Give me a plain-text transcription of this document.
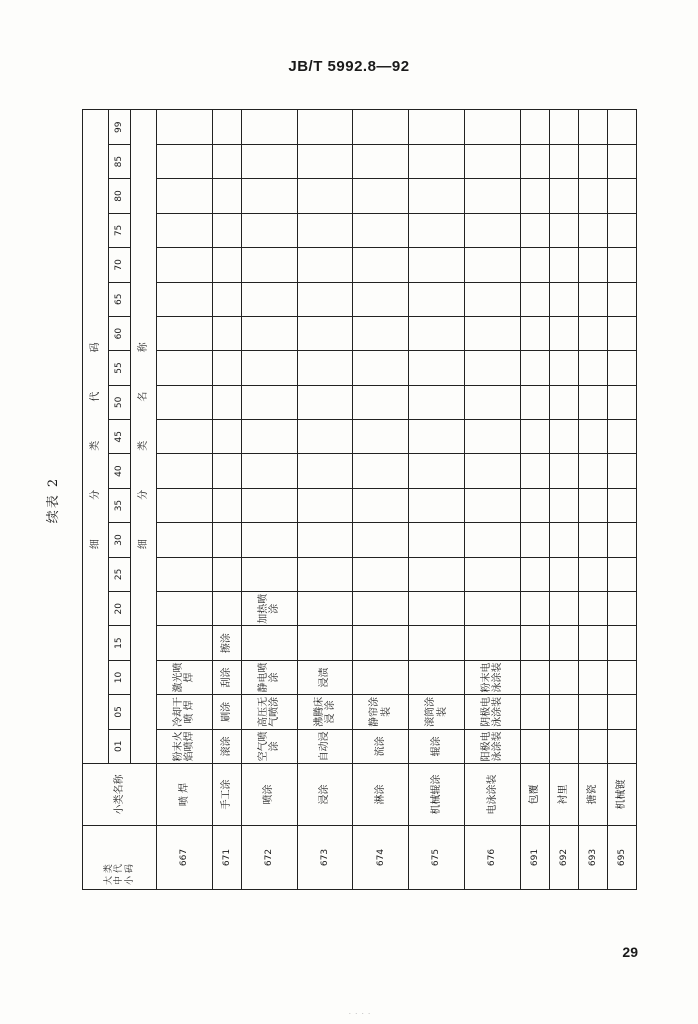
JB/T 5992.8—92
续表 2
大 类 中 代 小 码	小类名称	细 分 类 代 码																		
		01	05	10	15	20	25	30	35	40	45	50	55	60	65	70	75	80	85	99
		细 分 类 名 称																		
667	喷 焊	粉末火焰喷焊	冷却干喷 焊	激光喷焊																
671	手工涂	滚涂	刷涂	刮涂	擦涂															
672	喷涂	空气喷涂	高压无气喷涂	静电喷涂		加热喷涂														
673	浸涂	自动浸	沸腾床浸 涂	浸渍																
674	淋涂	流涂	静帘涂装																	
675	机械辊涂	辊涂	滚筒涂装																	
676	电泳涂装	阳极电泳涂装	阴极电泳涂装	粉末电泳涂装																
691	包覆																			
692	衬里																			
693	搪瓷																			
695	机械镀																			
29
· · · ·
